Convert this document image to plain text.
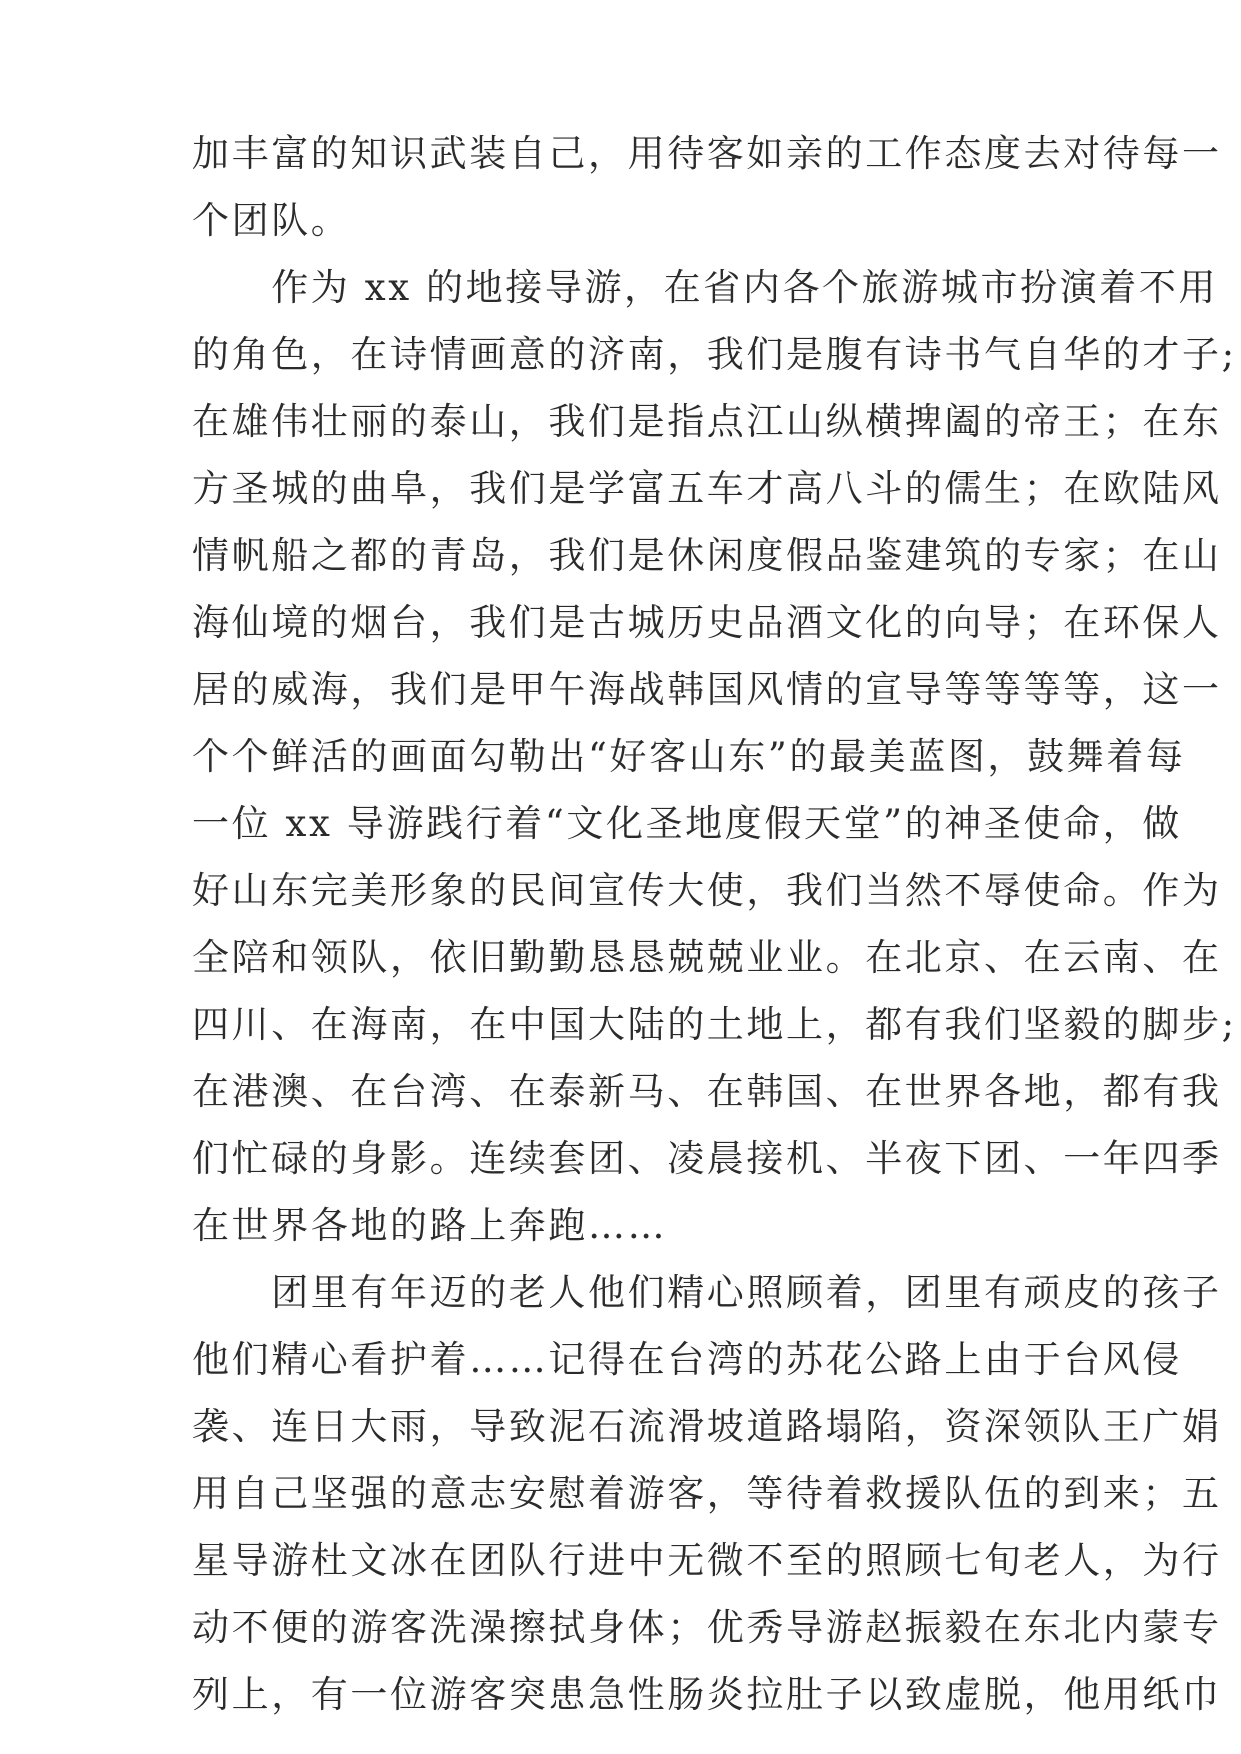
加丰富的知识武装自己，用待客如亲的工作态度去对待每一
个团队。
　　作为 xx 的地接导游，在省内各个旅游城市扮演着不用
的角色，在诗情画意的济南，我们是腹有诗书气自华的才子;
在雄伟壮丽的泰山，我们是指点江山纵横捭阖的帝王；在东
方圣城的曲阜，我们是学富五车才高八斗的儒生；在欧陆风
情帆船之都的青岛，我们是休闲度假品鉴建筑的专家；在山
海仙境的烟台，我们是古城历史品酒文化的向导；在环保人
居的威海，我们是甲午海战韩国风情的宣导等等等等，这一
个个鲜活的画面勾勒出“好客山东”的最美蓝图，鼓舞着每
一位 xx 导游践行着“文化圣地度假天堂”的神圣使命，做
好山东完美形象的民间宣传大使，我们当然不辱使命。作为
全陪和领队，依旧勤勤恳恳兢兢业业。在北京、在云南、在
四川、在海南，在中国大陆的土地上，都有我们坚毅的脚步;
在港澳、在台湾、在泰新马、在韩国、在世界各地，都有我
们忙碌的身影。连续套团、凌晨接机、半夜下团、一年四季
在世界各地的路上奔跑……
　　团里有年迈的老人他们精心照顾着，团里有顽皮的孩子
他们精心看护着……记得在台湾的苏花公路上由于台风侵
袭、连日大雨，导致泥石流滑坡道路塌陷，资深领队王广娟
用自己坚强的意志安慰着游客，等待着救援队伍的到来；五
星导游杜文冰在团队行进中无微不至的照顾七旬老人，为行
动不便的游客洗澡擦拭身体；优秀导游赵振毅在东北内蒙专
列上，有一位游客突患急性肠炎拉肚子以致虚脱，他用纸巾
